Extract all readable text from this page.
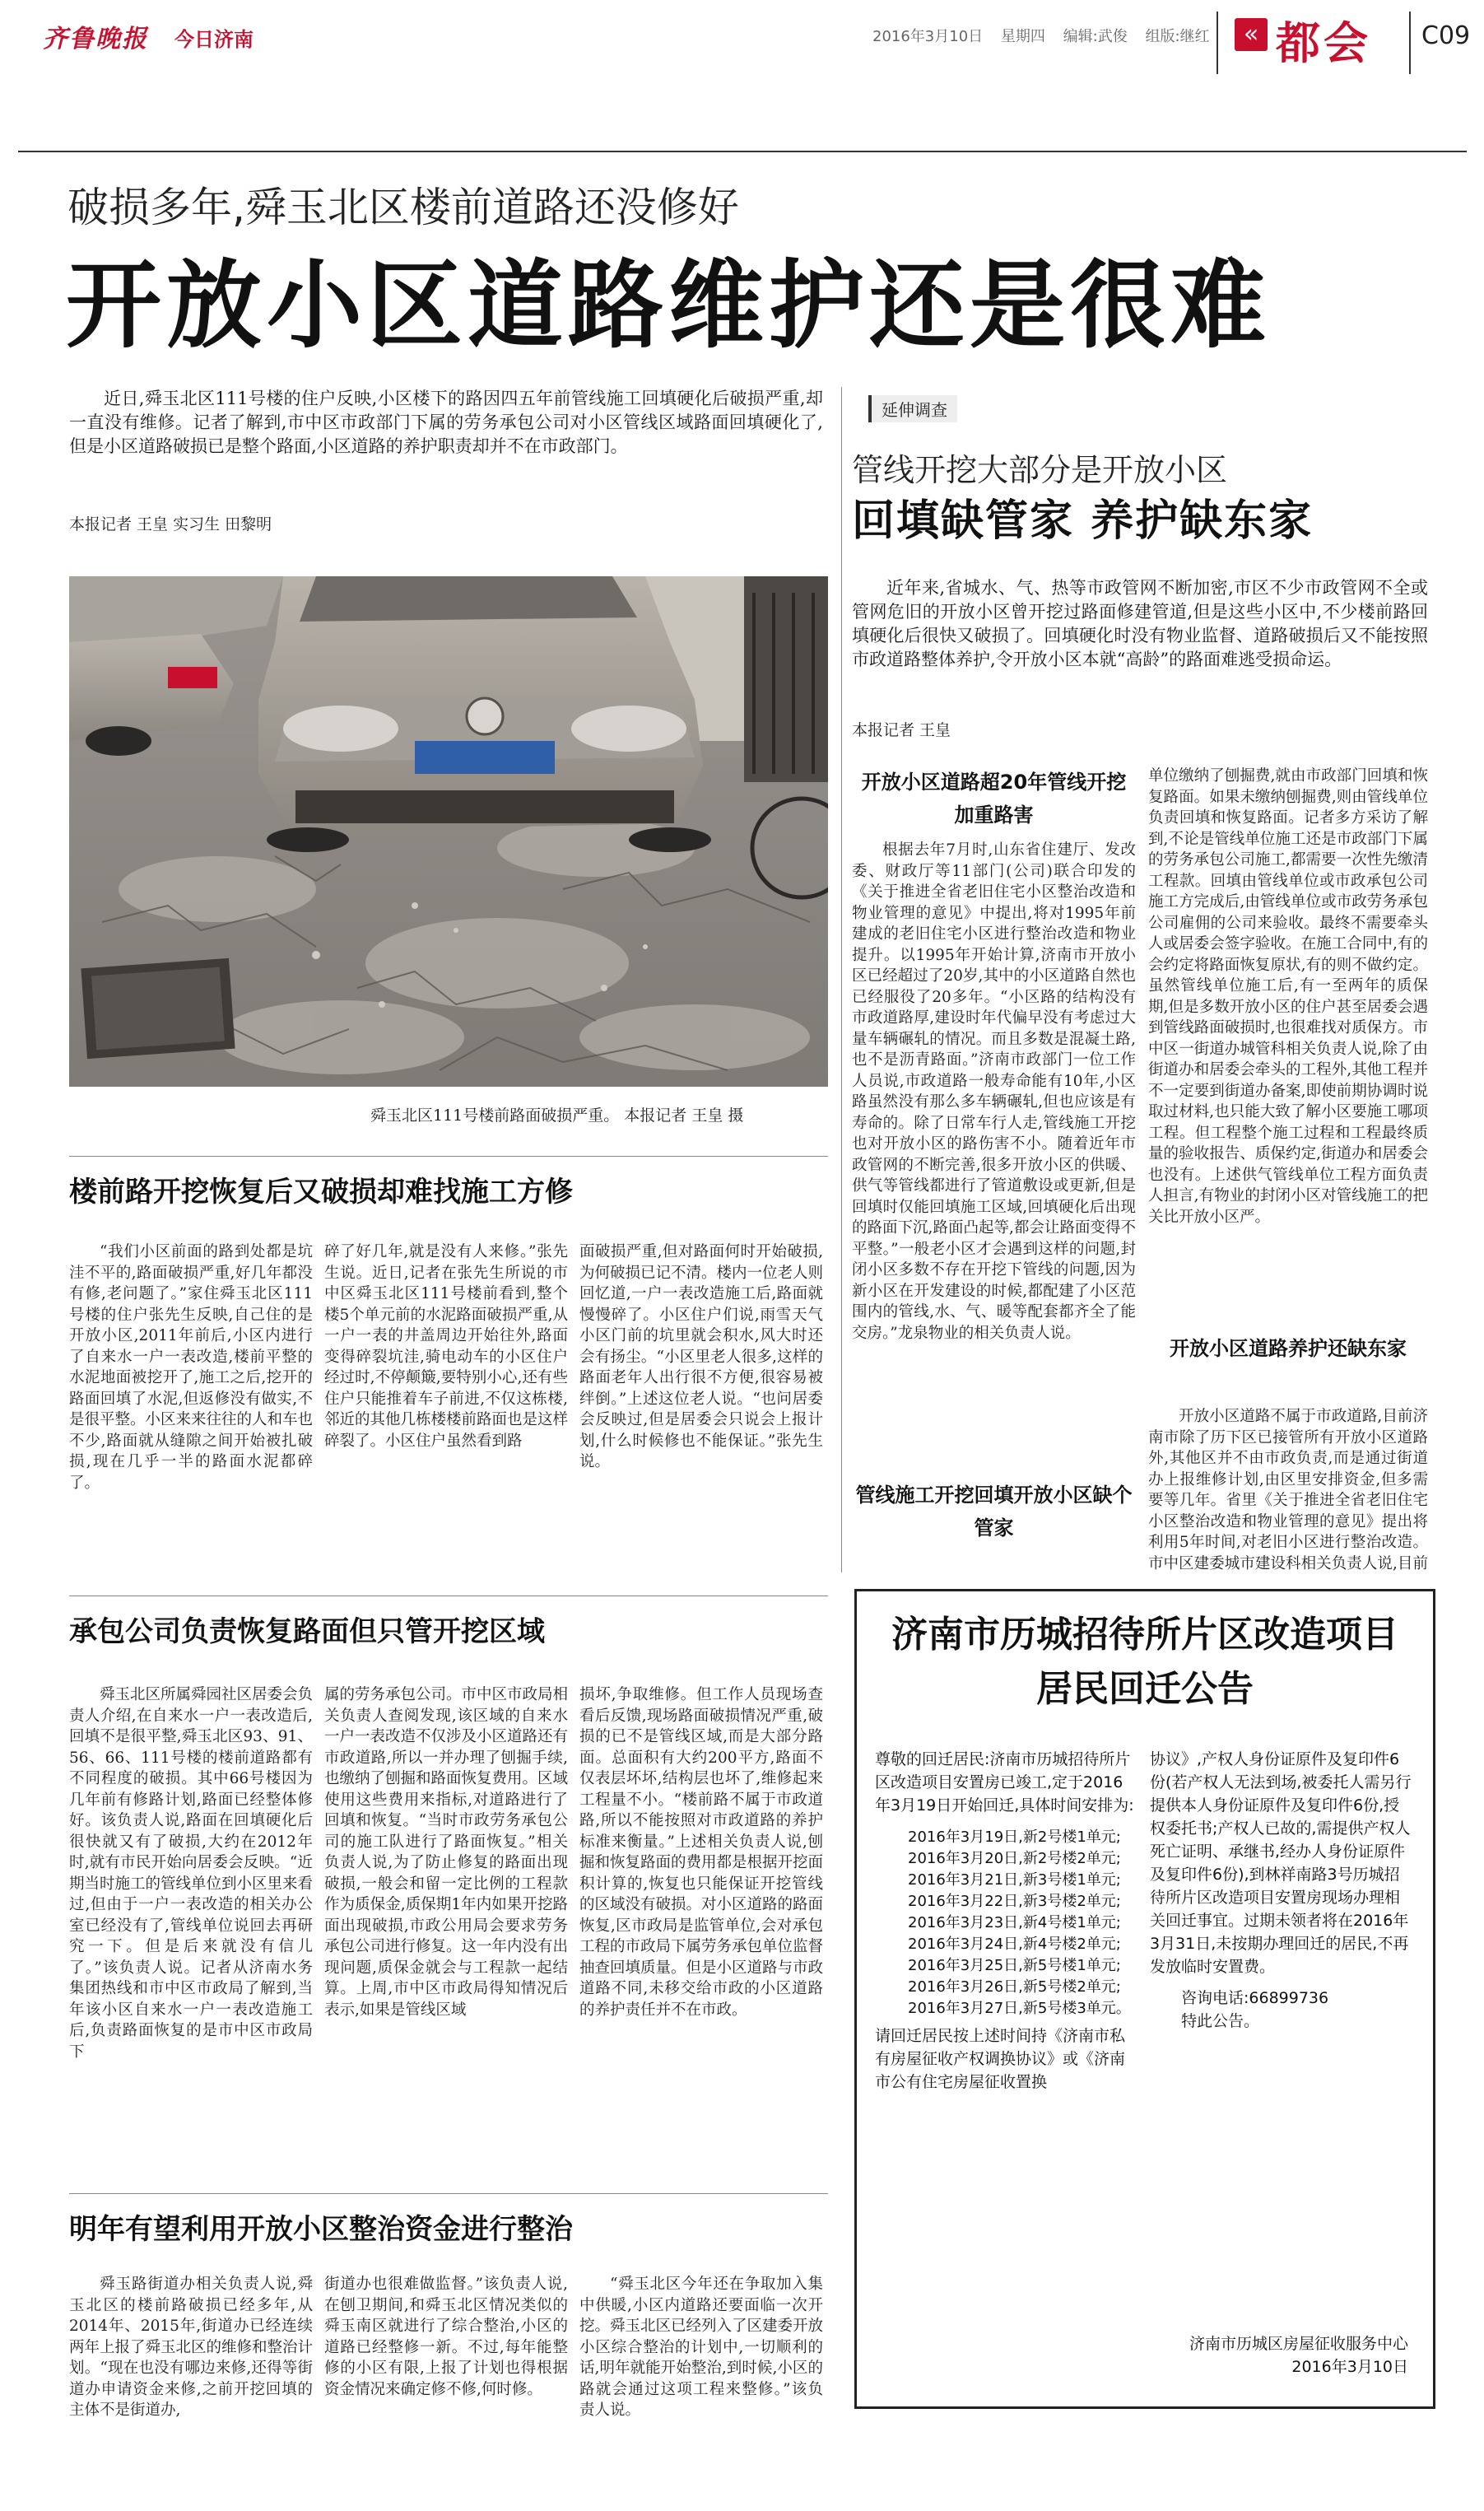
齐鲁晚报 今日济南	2016年3月10日 星期四 编辑:武俊 组版:继红	« 都会 C09
破损多年,舜玉北区楼前道路还没修好
开放小区道路维护还是很难
近日,舜玉北区111号楼的住户反映,小区楼下的路因四五年前管线施工回填硬化后破损严重,却一直没有维修。记者了解到,市中区市政部门下属的劳务承包公司对小区管线区域路面回填硬化了,但是小区道路破损已是整个路面,小区道路的养护职责却并不在市政部门。
本报记者 王皇 实习生 田黎明
舜玉北区111号楼前路面破损严重。 本报记者 王皇 摄
楼前路开挖恢复后又破损却难找施工方修

“我们小区前面的路到处都是坑洼不平的,路面破损严重,好几年都没有修,老问题了。”家住舜玉北区111号楼的住户张先生反映,自己住的是开放小区,2011年前后,小区内进行了自来水一户一表改造,楼前平整的水泥地面被挖开了,施工之后,挖开的路面回填了水泥,但返修没有做实,不是很平整。小区来来往往的人和车也不少,路面就从缝隙之间开始被扎破损,现在几乎一半的路面水泥都碎了。

碎了好几年,就是没有人来修。”张先生说。近日,记者在张先生所说的市中区舜玉北区111号楼前看到,整个楼5个单元前的水泥路面破损严重,从一户一表的井盖周边开始往外,路面变得碎裂坑洼,骑电动车的小区住户经过时,不停颠簸,要特别小心,还有些住户只能推着车子前进,不仅这栋楼,邻近的其他几栋楼楼前路面也是这样碎裂了。小区住户虽然看到路

面破损严重,但对路面何时开始破损,为何破损已记不清。楼内一位老人则回忆道,一户一表改造施工后,路面就慢慢碎了。小区住户们说,雨雪天气小区门前的坑里就会积水,风大时还会有扬尘。“小区里老人很多,这样的路面老年人出行很不方便,很容易被绊倒。”上述这位老人说。“也问居委会反映过,但是居委会只说会上报计划,什么时候修也不能保证。”张先生说。

承包公司负责恢复路面但只管开挖区域

舜玉北区所属舜园社区居委会负责人介绍,在自来水一户一表改造后,回填不是很平整,舜玉北区93、91、56、66、111号楼的楼前道路都有不同程度的破损。其中66号楼因为几年前有修路计划,路面已经整体修好。该负责人说,路面在回填硬化后很快就又有了破损,大约在2012年时,就有市民开始向居委会反映。“近期当时施工的管线单位到小区里来看过,但由于一户一表改造的相关办公室已经没有了,管线单位说回去再研究一下。但是后来就没有信儿了。”该负责人说。记者从济南水务集团热线和市中区市政局了解到,当年该小区自来水一户一表改造施工后,负责路面恢复的是市中区市政局下

属的劳务承包公司。市中区市政局相关负责人查阅发现,该区域的自来水一户一表改造不仅涉及小区道路还有市政道路,所以一并办理了刨掘手续,也缴纳了刨掘和路面恢复费用。区域使用这些费用来指标,对道路进行了回填和恢复。“当时市政劳务承包公司的施工队进行了路面恢复。”相关负责人说,为了防止修复的路面出现破损,一般会和留一定比例的工程款作为质保金,质保期1年内如果开挖路面出现破损,市政公用局会要求劳务承包公司进行修复。这一年内没有出现问题,质保金就会与工程款一起结算。上周,市中区市政局得知情况后表示,如果是管线区域

损坏,争取维修。但工作人员现场查看后反馈,现场路面破损情况严重,破损的已不是管线区域,而是大部分路面。总面积有大约200平方,路面不仅表层坏坏,结构层也坏了,维修起来工程量不小。“楼前路不属于市政道路,所以不能按照对市政道路的养护标准来衡量。”上述相关负责人说,刨掘和恢复路面的费用都是根据开挖面积计算的,恢复也只能保证开挖管线的区域没有破损。对小区道路的路面恢复,区市政局是监管单位,会对承包工程的市政局下属劳务承包单位监督抽查回填质量。但是小区道路与市政道路不同,未移交给市政的小区道路的养护责任并不在市政。

明年有望利用开放小区整治资金进行整治

舜玉路街道办相关负责人说,舜玉北区的楼前路破损已经多年,从2014年、2015年,街道办已经连续两年上报了舜玉北区的维修和整治计划。“现在也没有哪边来修,还得等街道办申请资金来修,之前开挖回填的主体不是街道办,

街道办也很难做监督。”该负责人说,在刨卫期间,和舜玉北区情况类似的舜玉南区就进行了综合整治,小区的道路已经整修一新。不过,每年能整修的小区有限,上报了计划也得根据资金情况来确定修不修,何时修。

“舜玉北区今年还在争取加入集中供暖,小区内道路还要面临一次开挖。舜玉北区已经列入了区建委开放小区综合整治的计划中,一切顺利的话,明年就能开始整治,到时候,小区的路就会通过这项工程来整修。”该负责人说。

延伸调查
管线开挖大部分是开放小区
回填缺管家 养护缺东家
近年来,省城水、气、热等市政管网不断加密,市区不少市政管网不全或管网危旧的开放小区曾开挖过路面修建管道,但是这些小区中,不少楼前路回填硬化后很快又破损了。回填硬化时没有物业监督、道路破损后又不能按照市政道路整体养护,令开放小区本就“高龄”的路面难逃受损命运。
本报记者 王皇
开放小区道路超20年管线开挖加重路害

根据去年7月时,山东省住建厅、发改委、财政厅等11部门(公司)联合印发的《关于推进全省老旧住宅小区整治改造和物业管理的意见》中提出,将对1995年前建成的老旧住宅小区进行整治改造和物业提升。以1995年开始计算,济南市开放小区已经超过了20岁,其中的小区道路自然也已经服役了20多年。“小区路的结构没有市政道路厚,建设时年代偏早没有考虑过大量车辆碾轧的情况。而且多数是混凝土路,也不是沥青路面。”济南市政部门一位工作人员说,市政道路一般寿命能有10年,小区路虽然没有那么多车辆碾轧,但也应该是有寿命的。除了日常车行人走,管线施工开挖也对开放小区的路伤害不小。随着近年市政管网的不断完善,很多开放小区的供暖、供气等管线都进行了管道敷设或更新,但是回填时仅能回填施工区域,回填硬化后出现的路面下沉,路面凸起等,都会让路面变得不平整。”一般老小区才会遇到这样的问题,封闭小区多数不存在开挖下管线的问题,因为新小区在开发建设的时候,都配建了小区范围内的管线,水、气、暖等配套都齐全了能交房。”龙泉物业的相关负责人说。

管线施工开挖回填开放小区缺个管家

单位缴纳了刨掘费,就由市政部门回填和恢复路面。如果未缴纳刨掘费,则由管线单位负责回填和恢复路面。记者多方采访了解到,不论是管线单位施工还是市政部门下属的劳务承包公司施工,都需要一次性先缴清工程款。回填由管线单位或市政承包公司施工方完成后,由管线单位或市政劳务承包公司雇佣的公司来验收。最终不需要牵头人或居委会签字验收。在施工合同中,有的会约定将路面恢复原状,有的则不做约定。虽然管线单位施工后,有一至两年的质保期,但是多数开放小区的住户甚至居委会遇到管线路面破损时,也很难找对质保方。市中区一街道办城管科相关负责人说,除了由街道办和居委会牵头的工程外,其他工程并不一定要到街道办备案,即使前期协调时说取过材料,也只能大致了解小区要施工哪项工程。但工程整个施工过程和工程最终质量的验收报告、质保约定,街道办和居委会也没有。上述供气管线单位工程方面负责人担言,有物业的封闭小区对管线施工的把关比开放小区严。

开放小区道路养护还缺东家

开放小区道路不属于市政道路,目前济南市除了历下区已接管所有开放小区道路外,其他区并不由市政负责,而是通过街道办上报维修计划,由区里安排资金,但多需要等几年。省里《关于推进全省老旧住宅小区整治改造和物业管理的意见》提出将利用5年时间,对老旧小区进行整治改造。市中区建委城市建设科相关负责人说,目前

济南市历城招待所片区改造项目
居民回迁公告
尊敬的回迁居民:济南市历城招待所片区改造项目安置房已竣工,定于2016年3月19日开始回迁,具体时间安排为:
2016年3月19日,新2号楼1单元;
2016年3月20日,新2号楼2单元;
2016年3月21日,新3号楼1单元;
2016年3月22日,新3号楼2单元;
2016年3月23日,新4号楼1单元;
2016年3月24日,新4号楼2单元;
2016年3月25日,新5号楼1单元;
2016年3月26日,新5号楼2单元;
2016年3月27日,新5号楼3单元。
请回迁居民按上述时间持《济南市私有房屋征收产权调换协议》或《济南市公有住宅房屋征收置换
协议》,产权人身份证原件及复印件6份(若产权人无法到场,被委托人需另行提供本人身份证原件及复印件6份,授权委托书;产权人已故的,需提供产权人死亡证明、承继书,经办人身份证原件及复印件6份),到林祥南路3号历城招待所片区改造项目安置房现场办理相关回迁事宜。过期未领者将在2016年3月31日,未按期办理回迁的居民,不再发放临时安置费。
咨询电话:66899736
特此公告。
济南市历城区房屋征收服务中心
2016年3月10日
